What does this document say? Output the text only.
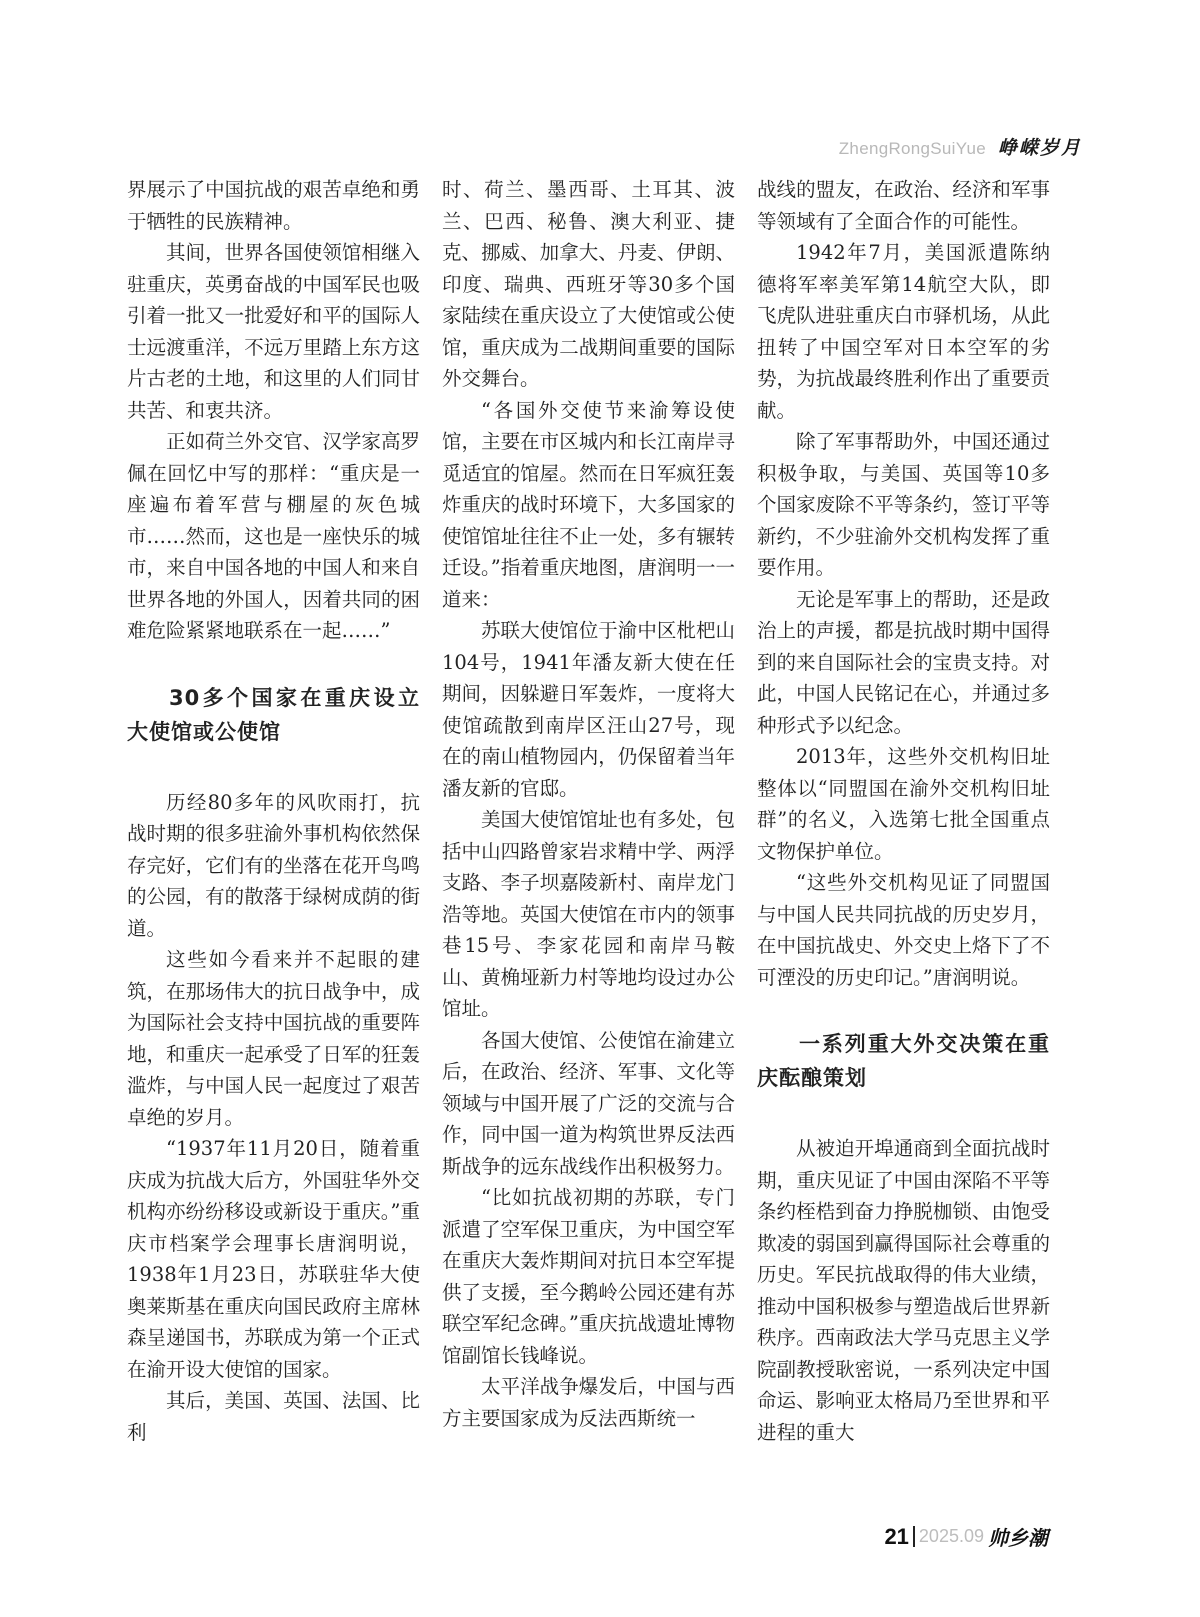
ZhengRongSuiYue 峥嵘岁月

界展示了中国抗战的艰苦卓绝和勇于牺牲的民族精神。

其间，世界各国使领馆相继入驻重庆，英勇奋战的中国军民也吸引着一批又一批爱好和平的国际人士远渡重洋，不远万里踏上东方这片古老的土地，和这里的人们同甘共苦、和衷共济。

正如荷兰外交官、汉学家高罗佩在回忆中写的那样：“重庆是一座遍布着军营与棚屋的灰色城市……然而，这也是一座快乐的城市，来自中国各地的中国人和来自世界各地的外国人，因着共同的困难危险紧紧地联系在一起……”

30多个国家在重庆设立大使馆或公使馆

历经80多年的风吹雨打，抗战时期的很多驻渝外事机构依然保存完好，它们有的坐落在花开鸟鸣的公园，有的散落于绿树成荫的街道。

这些如今看来并不起眼的建筑，在那场伟大的抗日战争中，成为国际社会支持中国抗战的重要阵地，和重庆一起承受了日军的狂轰滥炸，与中国人民一起度过了艰苦卓绝的岁月。

“1937年11月20日，随着重庆成为抗战大后方，外国驻华外交机构亦纷纷移设或新设于重庆。”重庆市档案学会理事长唐润明说，1938年1月23日，苏联驻华大使奥莱斯基在重庆向国民政府主席林森呈递国书，苏联成为第一个正式在渝开设大使馆的国家。

其后，美国、英国、法国、比利

时、荷兰、墨西哥、土耳其、波兰、巴西、秘鲁、澳大利亚、捷克、挪威、加拿大、丹麦、伊朗、印度、瑞典、西班牙等30多个国家陆续在重庆设立了大使馆或公使馆，重庆成为二战期间重要的国际外交舞台。

“各国外交使节来渝筹设使馆，主要在市区城内和长江南岸寻觅适宜的馆屋。然而在日军疯狂轰炸重庆的战时环境下，大多国家的使馆馆址往往不止一处，多有辗转迁设。”指着重庆地图，唐润明一一道来：

苏联大使馆位于渝中区枇杷山104号，1941年潘友新大使在任期间，因躲避日军轰炸，一度将大使馆疏散到南岸区汪山27号，现在的南山植物园内，仍保留着当年潘友新的官邸。

美国大使馆馆址也有多处，包括中山四路曾家岩求精中学、两浮支路、李子坝嘉陵新村、南岸龙门浩等地。英国大使馆在市内的领事巷15号、李家花园和南岸马鞍山、黄桷垭新力村等地均设过办公馆址。

各国大使馆、公使馆在渝建立后，在政治、经济、军事、文化等领域与中国开展了广泛的交流与合作，同中国一道为构筑世界反法西斯战争的远东战线作出积极努力。

“比如抗战初期的苏联，专门派遣了空军保卫重庆，为中国空军在重庆大轰炸期间对抗日本空军提供了支援，至今鹅岭公园还建有苏联空军纪念碑。”重庆抗战遗址博物馆副馆长钱峰说。

太平洋战争爆发后，中国与西方主要国家成为反法西斯统一

战线的盟友，在政治、经济和军事等领域有了全面合作的可能性。

1942年7月，美国派遣陈纳德将军率美军第14航空大队，即飞虎队进驻重庆白市驿机场，从此扭转了中国空军对日本空军的劣势，为抗战最终胜利作出了重要贡献。

除了军事帮助外，中国还通过积极争取，与美国、英国等10多个国家废除不平等条约，签订平等新约，不少驻渝外交机构发挥了重要作用。

无论是军事上的帮助，还是政治上的声援，都是抗战时期中国得到的来自国际社会的宝贵支持。对此，中国人民铭记在心，并通过多种形式予以纪念。

2013年，这些外交机构旧址整体以“同盟国在渝外交机构旧址群”的名义，入选第七批全国重点文物保护单位。

“这些外交机构见证了同盟国与中国人民共同抗战的历史岁月，在中国抗战史、外交史上烙下了不可湮没的历史印记。”唐润明说。

一系列重大外交决策在重庆酝酿策划

从被迫开埠通商到全面抗战时期，重庆见证了中国由深陷不平等条约桎梏到奋力挣脱枷锁、由饱受欺凌的弱国到赢得国际社会尊重的历史。军民抗战取得的伟大业绩，推动中国积极参与塑造战后世界新秩序。西南政法大学马克思主义学院副教授耿密说，一系列决定中国命运、影响亚太格局乃至世界和平进程的重大

21 2025.09 帅乡潮
